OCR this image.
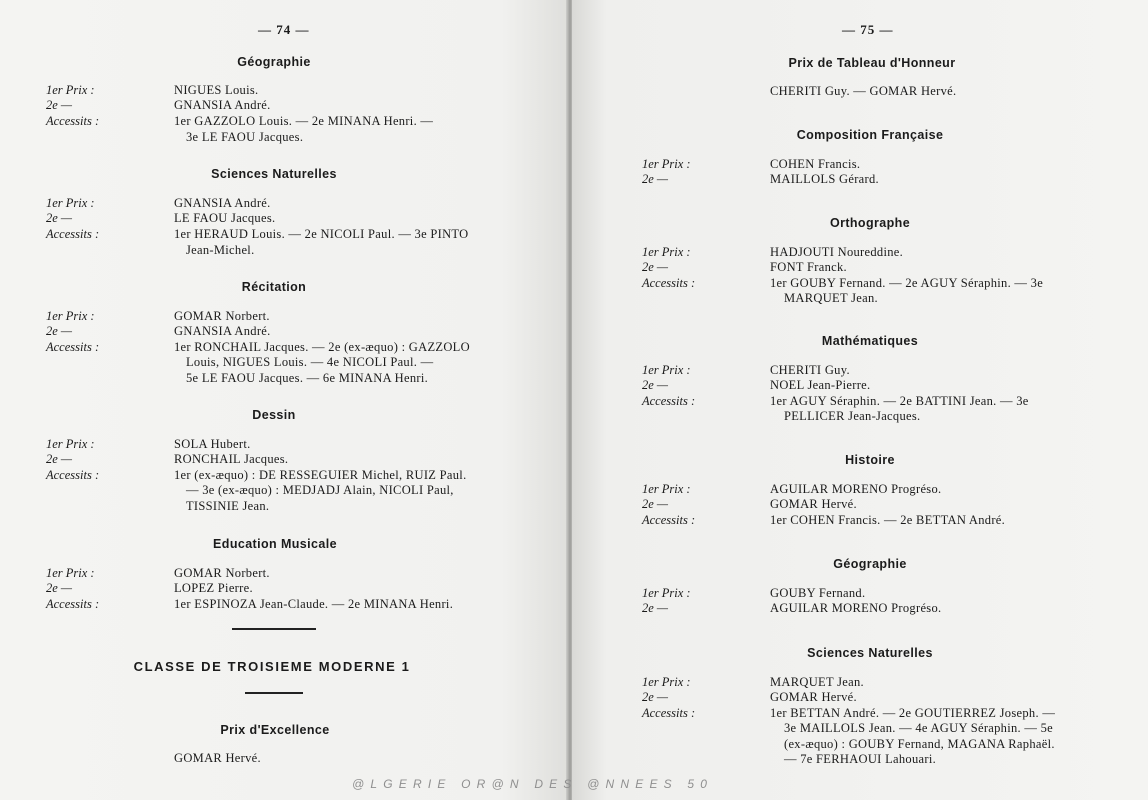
— 74 —
Géographie
1er Prix :	NIGUES Louis.
2e —	GNANSIA André.
Accessits :	1er GAZZOLO Louis. — 2e MINANA Henri. —
3e LE FAOU Jacques.
Sciences Naturelles
1er Prix :	GNANSIA André.
2e —	LE FAOU Jacques.
Accessits :	1er HERAUD Louis. — 2e NICOLI Paul. — 3e PINTO
Jean-Michel.
Récitation
1er Prix :	GOMAR Norbert.
2e —	GNANSIA André.
Accessits :	1er RONCHAIL Jacques. — 2e (ex-æquo) : GAZZOLO
Louis, NIGUES Louis. — 4e NICOLI Paul. —
5e LE FAOU Jacques. — 6e MINANA Henri.
Dessin
1er Prix :	SOLA Hubert.
2e —	RONCHAIL Jacques.
Accessits :	1er (ex-æquo) : DE RESSEGUIER Michel, RUIZ Paul.
— 3e (ex-æquo) : MEDJADJ Alain, NICOLI Paul,
TISSINIE Jean.
Education Musicale
1er Prix :	GOMAR Norbert.
2e —	LOPEZ Pierre.
Accessits :	1er ESPINOZA Jean-Claude. — 2e MINANA Henri.
CLASSE DE TROISIEME MODERNE 1
Prix d'Excellence
GOMAR Hervé.
— 75 —
Prix de Tableau d'Honneur
CHERITI Guy. — GOMAR Hervé.
Composition Française
1er Prix :	COHEN Francis.
2e —	MAILLOLS Gérard.
Orthographe
1er Prix :	HADJOUTI Noureddine.
2e —	FONT Franck.
Accessits :	1er GOUBY Fernand. — 2e AGUY Séraphin. — 3e
MARQUET Jean.
Mathématiques
1er Prix :	CHERITI Guy.
2e —	NOEL Jean-Pierre.
Accessits :	1er AGUY Séraphin. — 2e BATTINI Jean. — 3e
PELLICER Jean-Jacques.
Histoire
1er Prix :	AGUILAR MORENO Progréso.
2e —	GOMAR Hervé.
Accessits :	1er COHEN Francis. — 2e BETTAN André.
Géographie
1er Prix :	GOUBY Fernand.
2e —	AGUILAR MORENO Progréso.
Sciences Naturelles
1er Prix :	MARQUET Jean.
2e —	GOMAR Hervé.
Accessits :	1er BETTAN André. — 2e GOUTIERREZ Joseph. —
3e MAILLOLS Jean. — 4e AGUY Séraphin. — 5e
(ex-æquo) : GOUBY Fernand, MAGANA Raphaël.
— 7e FERHAOUI Lahouari.
@LGERIE OR@N DES @NNEES 50
